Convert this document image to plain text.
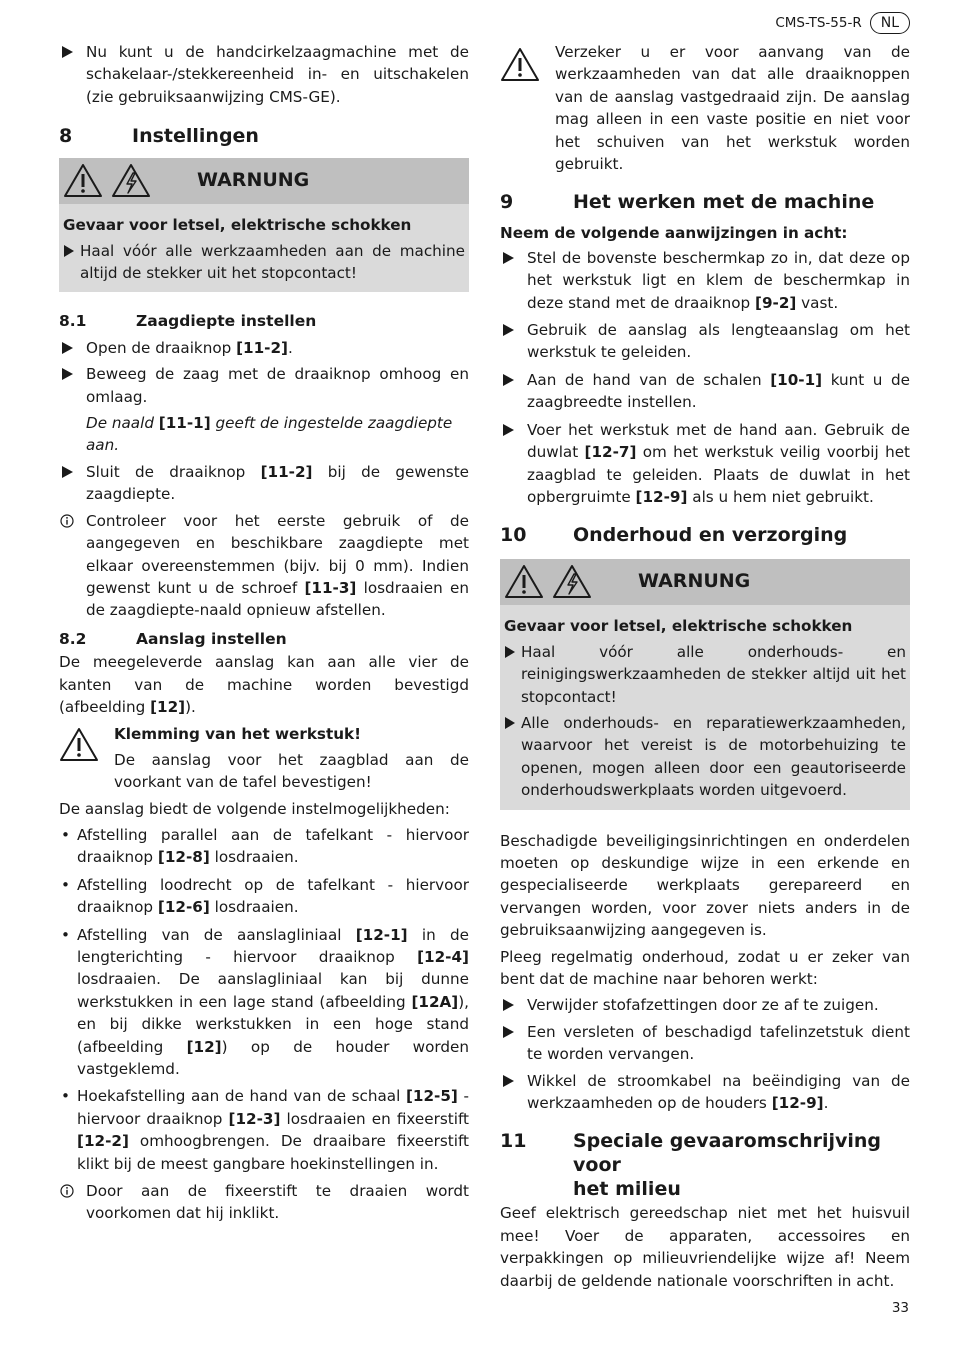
CMS-TS-55-R NL
Nu kunt u de handcirkelzaagmachine met de schakelaar-/stekkereenheid in- en uitschakelen (zie gebruiksaanwijzing CMS-GE).
8	Instellingen
WARNUNG
Gevaar voor letsel, elektrische schokken
Haal vóór alle werkzaamheden aan de machine altijd de stekker uit het stopcontact!
8.1	Zaagdiepte instellen
Open de draaiknop [11-2].
Beweeg de zaag met de draaiknop omhoog en omlaag.
De naald [11-1] geeft de ingestelde zaagdiepte aan.
Sluit de draaiknop [11-2] bij de gewenste zaagdiepte.
Controleer voor het eerste gebruik of de aangegeven en beschikbare zaagdiepte met elkaar overeenstemmen (bijv. bij 0 mm). Indien gewenst kunt u de schroef [11-3] losdraaien en de zaagdiepte-naald opnieuw afstellen.
8.2	Aanslag instellen

De meegeleverde aanslag kan aan alle vier de kanten van de machine worden bevestigd (afbeelding [12]).

Klemming van het werkstuk!

De aanslag voor het zaagblad aan de voorkant van de tafel bevestigen!

De aanslag biedt de volgende instelmogelijkheden:

• Afstelling parallel aan de tafelkant - hiervoor draaiknop [12-8] losdraaien.
• Afstelling loodrecht op de tafelkant - hiervoor draaiknop [12-6] losdraaien.
• Afstelling van de aanslagliniaal [12-1] in de lengterichting - hiervoor draaiknop [12-4] losdraaien. De aanslagliniaal kan bij dunne werkstukken in een lage stand (afbeelding [12A]), en bij dikke werkstukken in een hoge stand (afbeelding [12]) op de houder worden vastgeklemd.
• Hoekafstelling aan de hand van de schaal [12-5] - hiervoor draaiknop [12-3] losdraaien en fixeerstift [12-2] omhoogbrengen. De draaibare fixeerstift klikt bij de meest gangbare hoekinstellingen in.
Door aan de fixeerstift te draaien wordt voorkomen dat hij inklikt.

Verzeker u er voor aanvang van de werkzaamheden van dat alle draaiknoppen van de aanslag vastgedraaid zijn. De aanslag mag alleen in een vaste positie en niet voor het schuiven van het werkstuk worden gebruikt.

9	Het werken met de machine
Neem de volgende aanwijzingen in acht:
Stel de bovenste beschermkap zo in, dat deze op het werkstuk ligt en klem de beschermkap in deze stand met de draaiknop [9-2] vast.
Gebruik de aanslag als lengteaanslag om het werkstuk te geleiden.
Aan de hand van de schalen [10-1] kunt u de zaagbreedte instellen.
Voer het werkstuk met de hand aan. Gebruik de duwlat [12-7] om het werkstuk veilig voorbij het zaagblad te geleiden. Plaats de duwlat in het opbergruimte [12-9] als u hem niet gebruikt.
10 Onderhoud en verzorging
WARNUNG
Gevaar voor letsel, elektrische schokken
Haal vóór alle onderhouds- en reinigingswerkzaamheden de stekker altijd uit het stopcontact!
Alle onderhouds- en reparatiewerkzaamheden, waarvoor het vereist is de motorbehuizing te openen, mogen alleen door een geautoriseerde onderhoudswerkplaats worden uitgevoerd.

Beschadigde beveiligingsinrichtingen en onderdelen moeten op deskundige wijze in een erkende en gespecialiseerde werkplaats gerepareerd en vervangen worden, voor zover niets anders in de gebruiksaanwijzing aangegeven is.

Pleeg regelmatig onderhoud, zodat u er zeker van bent dat de machine naar behoren werkt:

Verwijder stofafzettingen door ze af te zuigen.
Een versleten of beschadigd tafelinzetstuk dient te worden vervangen.
Wikkel de stroomkabel na beëindiging van de werkzaamheden op de houders [12-9].
11 Speciale gevaaromschrijving voor
het milieu

Geef elektrisch gereedschap niet met het huisvuil mee! Voer de apparaten, accessoires en verpakkingen op milieuvriendelijke wijze af! Neem daarbij de geldende nationale voorschriften in acht.

33
